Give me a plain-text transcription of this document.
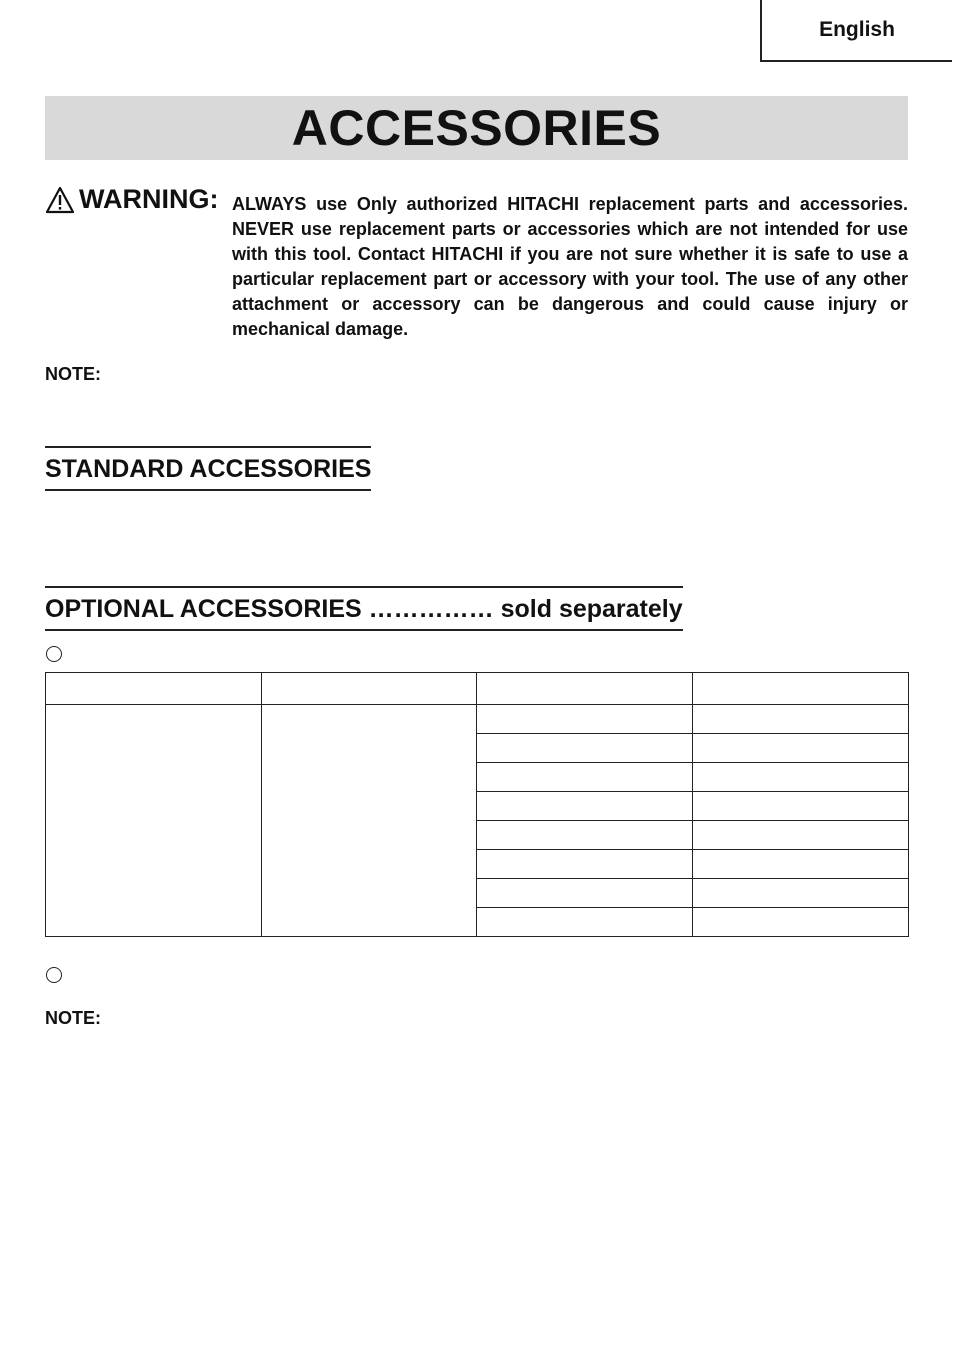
English
ACCESSORIES
WARNING: ALWAYS use Only authorized HITACHI replacement parts and accessories. NEVER use replacement parts or accessories which are not intended for use with this tool. Contact HITACHI if you are not sure whether it is safe to use a particular replacement part or accessory with your tool. The use of any other attachment or accessory can be dangerous and could cause injury or mechanical damage.
NOTE:
STANDARD ACCESSORIES
OPTIONAL ACCESSORIES …………… sold separately

NOTE:
